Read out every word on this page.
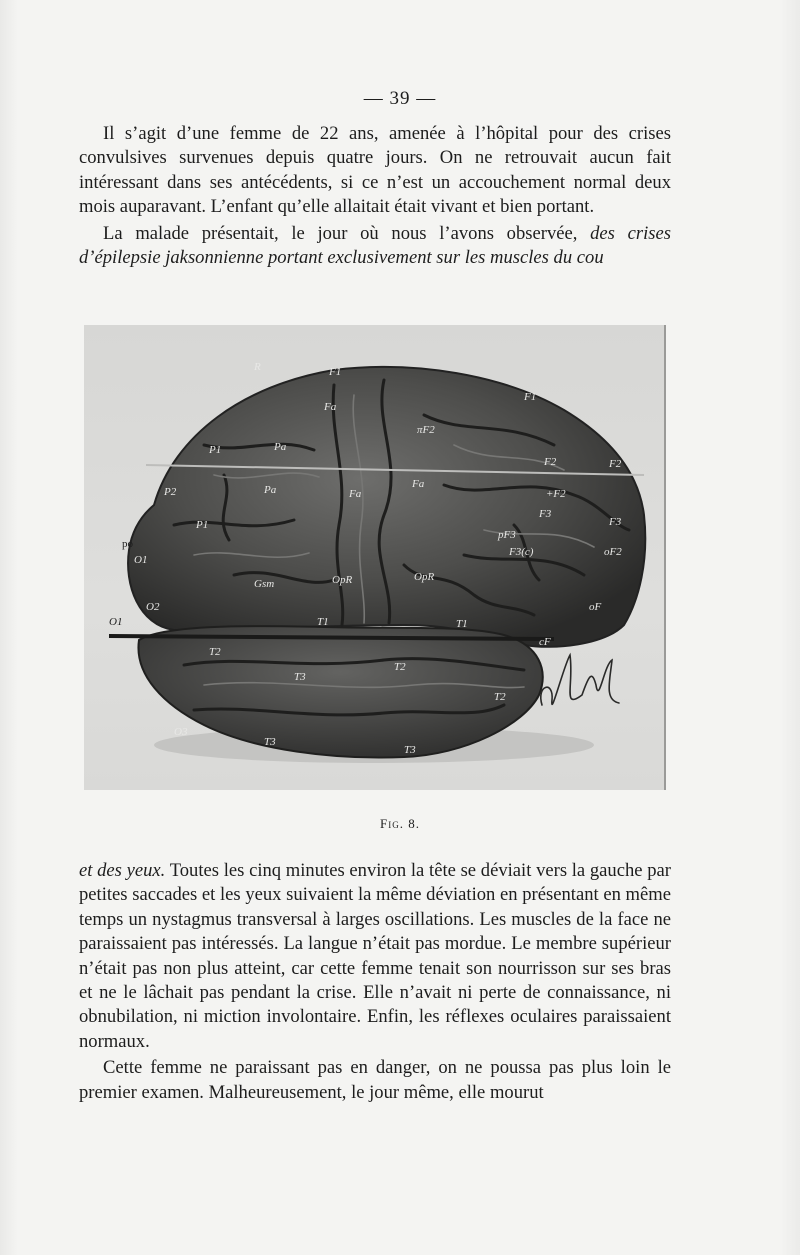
— 39 —

Il s’agit d’une femme de 22 ans, amenée à l’hôpital pour des crises convulsives survenues depuis quatre jours. On ne retrouvait aucun fait intéressant dans ses antécédents, si ce n’est un accouchement normal deux mois auparavant. L’enfant qu’elle allaitait était vivant et bien portant.

La malade présentait, le jour où nous l’avons observée, des crises d’épilepsie jaksonnienne portant exclusivement sur les muscles du cou

R	F1
F1
Fa
πF2
Pa
P1
F2	F2
Pa	Fa
Fa
P2	+F2
F3
F3
P1
pF3
F3(c)	oF2
Gsm	OpR	OpR
oF
O1
O2
T1	T1
cF
T2
T2
T3
T2
O3
T3
T3
po
O1
Fig. 8.

et des yeux. Toutes les cinq minutes environ la tête se déviait vers la gauche par petites saccades et les yeux suivaient la même déviation en présentant en même temps un nystagmus transversal à larges oscillations. Les muscles de la face ne paraissaient pas intéressés. La langue n’était pas mordue. Le membre supérieur n’était pas non plus atteint, car cette femme tenait son nourrisson sur ses bras et ne le lâchait pas pendant la crise. Elle n’avait ni perte de connaissance, ni obnubilation, ni miction involontaire. Enfin, les réflexes oculaires paraissaient normaux.

Cette femme ne paraissant pas en danger, on ne poussa pas plus loin le premier examen. Malheureusement, le jour même, elle mourut
